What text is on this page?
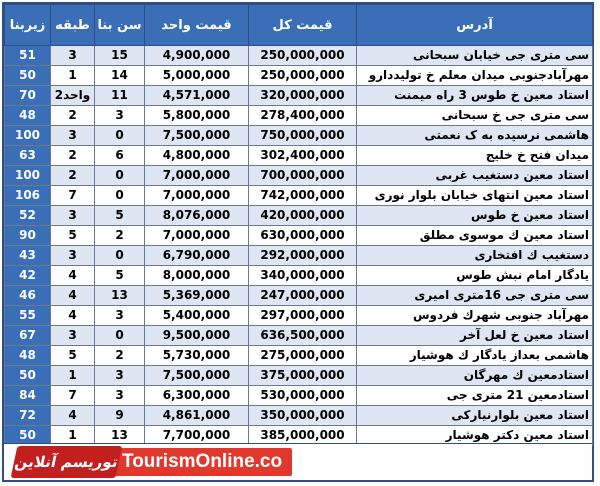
زیربنا	طبقه	سن بنا	قیمت واحد	قیمت کل	آدرس
51	3	15	4,900,000	250,000,000	سی متری جی خیابان سبحانی
50	1	14	5,000,000	250,000,000	مهرآبادجنوبی میدان معلم خ تولیددارو
70	2واحد	11	4,571,000	320,000,000	استاد معین خ طوس 3 راه میمنت
48	2	3	5,800,000	278,400,000	سی متری جی خ سبحانی
100	3	0	7,500,000	750,000,000	هاشمی نرسیده به ک نعمتی
63	2	6	4,800,000	302,400,000	میدان فتح خ خلیج
100	2	0	7,000,000	700,000,000	استاد معین دستغیب غربی
106	7	0	7,000,000	742,000,000	استاد معین انتهای خیابان بلوار نوری
52	3	5	8,076,000	420,000,000	استاد معین خ طوس
90	5	2	7,000,000	630,000,000	استاد معین ك موسوی مطلق
43	3	0	6,790,000	292,000,000	دستغیب ك افتخاری
42	4	5	8,000,000	340,000,000	یادگار امام نبش طوس
46	4	13	5,369,000	247,000,000	سی متری جی 16متری امیری
55	4	3	5,400,000	297,000,000	مهرآباد جنوبی شهرك فردوس
67	3	0	9,500,000	636,500,000	استاد معین خ لعل آخر
48	5	2	5,730,000	275,000,000	هاشمی بعداز یادگار ك هوشیار
50	1	3	7,500,000	375,000,000	استادمعین ك مهرگان
84	7	3	6,300,000	530,000,000	استادمعین 21 متری جی
72	4	9	4,861,000	350,000,000	استاد معین بلوارنیارکی
50	1	13	7,700,000	385,000,000	استاد معین دکتر هوشیار
TourismOnline.co
توریسم آنلاین
